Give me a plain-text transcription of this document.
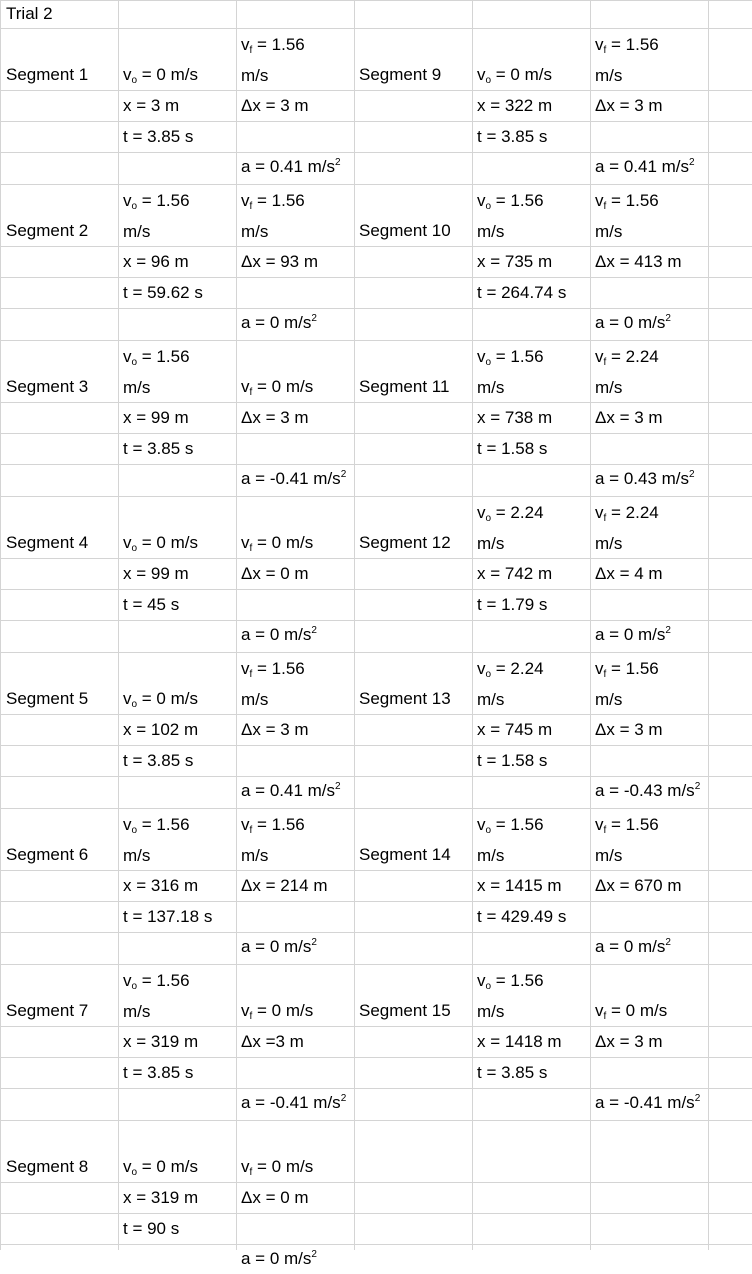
Trial 2
Segment 1 $v_o = 0$ m/s
$v_f = 1.56$
m/s
x = 3 m	Δx = 3 m
t = 3.85 s
a = 0.41 $m/s^2$
Segment 2
$v_o = 1.56$
m/s
$v_f = 1.56$
m/s
x = 96 m	Δx = 93 m
t = 59.62 s
a = 0 $m/s^2$
Segment 3
$v_o = 1.56$
m/s	$v_f = 0$ m/s
x = 99 m	Δx = 3 m
t = 3.85 s
a = -0.41 $m/s^2$
Segment 4 $v_o = 0$ m/s	$v_f = 0$ m/s
x = 99 m	Δx = 0 m
t = 45 s
a = 0 $m/s^2$
Segment 5 $v_o = 0$ m/s
$v_f = 1.56$
m/s
x = 102 m	Δx = 3 m
t = 3.85 s
a = 0.41 $m/s^2$
Segment 6
$v_o = 1.56$
m/s
$v_f = 1.56$
m/s
x = 316 m	Δx = 214 m
t = 137.18 s
a = 0 $m/s^2$
Segment 7
$v_o = 1.56$
m/s	$v_f = 0$ m/s
x = 319 m	Δx =3 m
t = 3.85 s
a = -0.41 $m/s^2$
Segment 8 $v_o = 0$ m/s	$v_f = 0$ m/s
x = 319 m	Δx = 0 m
t = 90 s
a = 0 $m/s^2$
Segment 9 $v_o = 0$ m/s
$v_f = 1.56$
m/s
x = 322 m	Δx = 3 m
t = 3.85 s
a = 0.41 $m/s^2$
Segment 10
$v_o = 1.56$
m/s
$v_f = 1.56$
m/s
x = 735 m	Δx = 413 m
t = 264.74 s
a = 0 $m/s^2$
Segment 11
$v_o = 1.56$
m/s
$v_f = 2.24$
m/s
x = 738 m	Δx = 3 m
t = 1.58 s
a = 0.43 $m/s^2$
Segment 12
$v_o = 2.24$
m/s
$v_f = 2.24$
m/s
x = 742 m	Δx = 4 m
t = 1.79 s
a = 0 $m/s^2$
Segment 13
$v_o = 2.24$
m/s
$v_f = 1.56$
m/s
x = 745 m	Δx = 3 m
t = 1.58 s
a = -0.43 $m/s^2$
Segment 14
$v_o = 1.56$
m/s
$v_f = 1.56$
m/s
x = 1415 m Δx = 670 m
t = 429.49 s
a = 0 $m/s^2$
Segment 15
$v_o = 1.56$
m/s	$v_f = 0$ m/s
x = 1418 m Δx = 3 m
t = 3.85 s
a = -0.41 $m/s^2$
